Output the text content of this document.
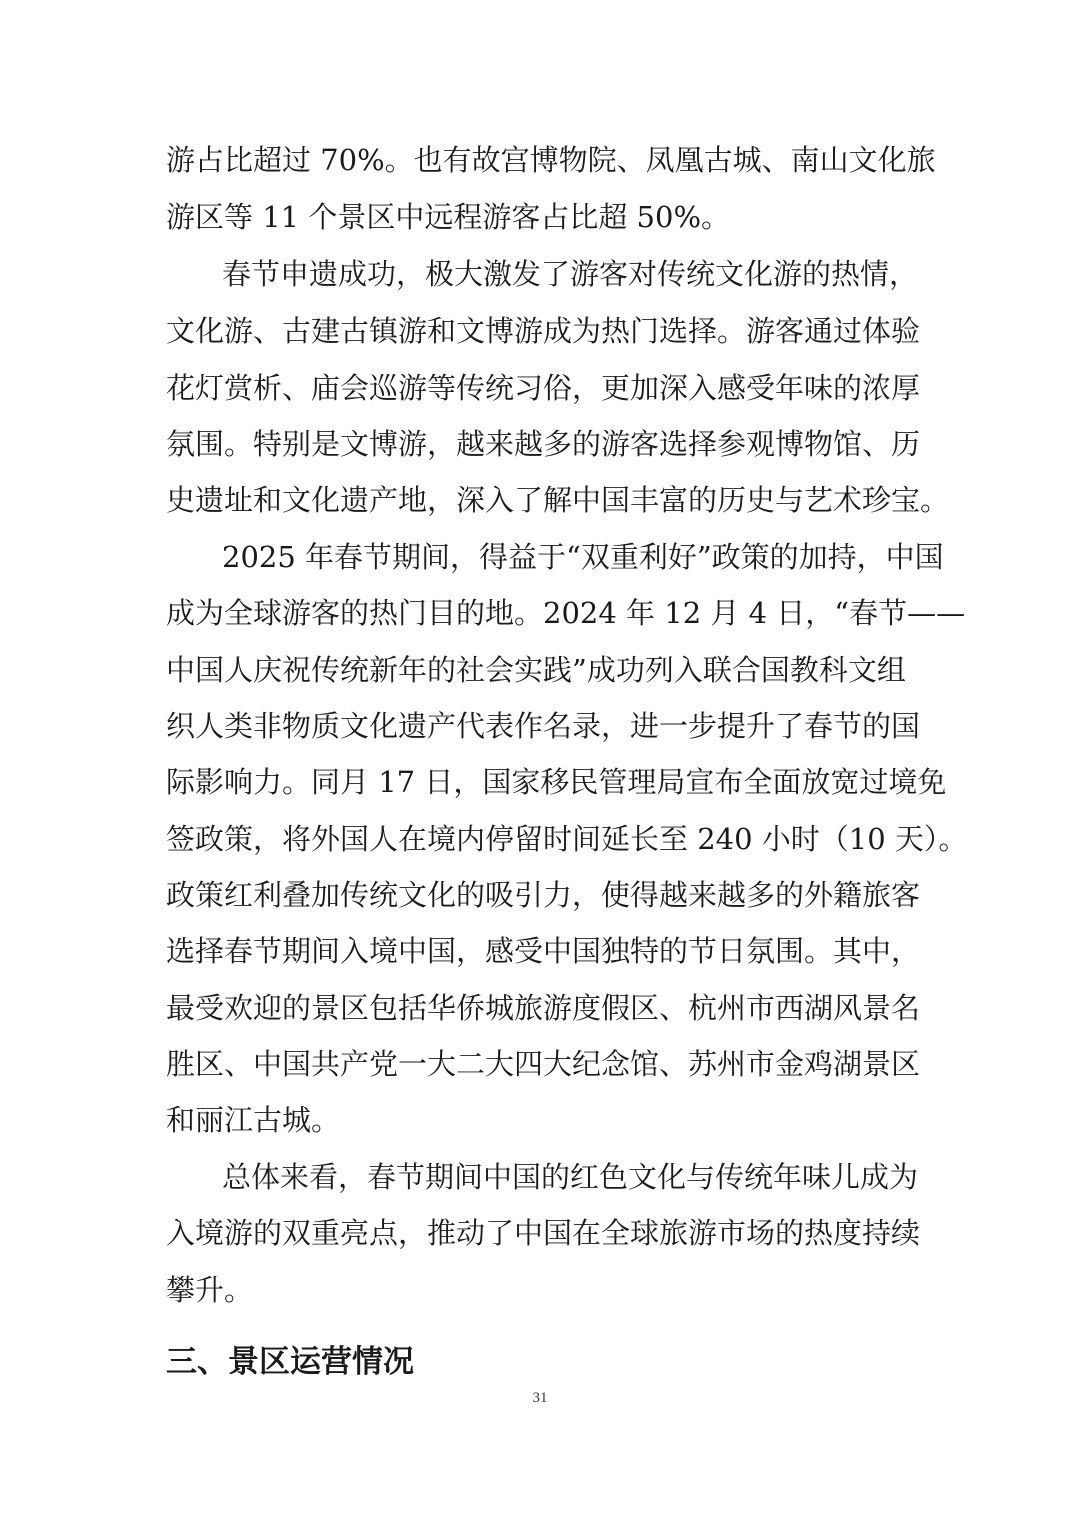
游占比超过 70%。也有故宫博物院、凤凰古城、南山文化旅
游区等 11 个景区中远程游客占比超 50%。
春节申遗成功，极大激发了游客对传统文化游的热情，
文化游、古建古镇游和文博游成为热门选择。游客通过体验
花灯赏析、庙会巡游等传统习俗，更加深入感受年味的浓厚
氛围。特别是文博游，越来越多的游客选择参观博物馆、历
史遗址和文化遗产地，深入了解中国丰富的历史与艺术珍宝。
2025 年春节期间，得益于“双重利好”政策的加持，中国
成为全球游客的热门目的地。2024 年 12 月 4 日，“春节——
中国人庆祝传统新年的社会实践”成功列入联合国教科文组
织人类非物质文化遗产代表作名录，进一步提升了春节的国
际影响力。同月 17 日，国家移民管理局宣布全面放宽过境免
签政策，将外国人在境内停留时间延长至 240 小时（10 天）。
政策红利叠加传统文化的吸引力，使得越来越多的外籍旅客
选择春节期间入境中国，感受中国独特的节日氛围。其中，
最受欢迎的景区包括华侨城旅游度假区、杭州市西湖风景名
胜区、中国共产党一大二大四大纪念馆、苏州市金鸡湖景区
和丽江古城。
总体来看，春节期间中国的红色文化与传统年味儿成为
入境游的双重亮点，推动了中国在全球旅游市场的热度持续
攀升。
三、景区运营情况
31
